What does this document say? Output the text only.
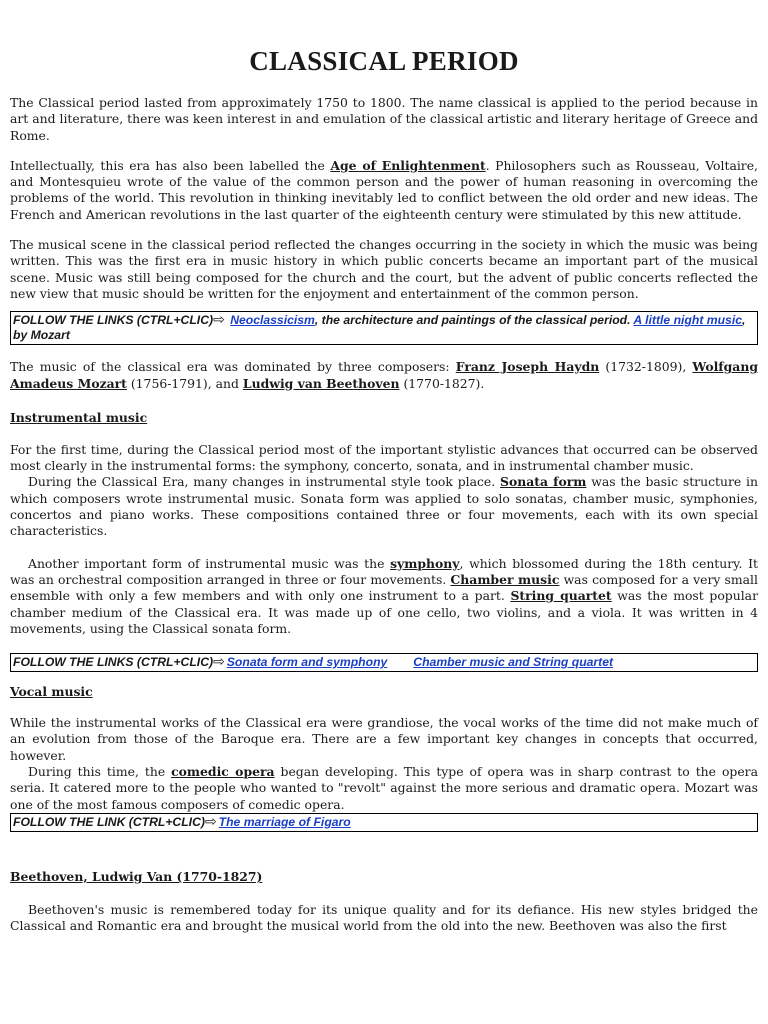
CLASSICAL PERIOD

The Classical period lasted from approximately 1750 to 1800. The name classical is applied to the period because in art and literature, there was keen interest in and emulation of the classical artistic and literary heritage of Greece and Rome.

Intellectually, this era has also been labelled the Age of Enlightenment. Philosophers such as Rousseau, Voltaire, and Montesquieu wrote of the value of the common person and the power of human reasoning in overcoming the problems of the world. This revolution in thinking inevitably led to conflict between the old order and new ideas. The French and American revolutions in the last quarter of the eighteenth century were stimulated by this new attitude.

The musical scene in the classical period reflected the changes occurring in the society in which the music was being written. This was the first era in music history in which public concerts became an important part of the musical scene. Music was still being composed for the church and the court, but the advent of public concerts reflected the new view that music should be written for the enjoyment and entertainment of the common person.

FOLLOW THE LINKS (CTRL+CLIC)⇨ Neoclassicism, the architecture and paintings of the classical period. A little night music, by Mozart

The music of the classical era was dominated by three composers: Franz Joseph Haydn (1732-1809), Wolfgang Amadeus Mozart (1756-1791), and Ludwig van Beethoven (1770-1827).

Instrumental music

For the first time, during the Classical period most of the important stylistic advances that occurred can be observed most clearly in the instrumental forms: the symphony, concerto, sonata, and in instrumental chamber music.

During the Classical Era, many changes in instrumental style took place. Sonata form was the basic structure in which composers wrote instrumental music. Sonata form was applied to solo sonatas, chamber music, symphonies, concertos and piano works. These compositions contained three or four movements, each with its own special characteristics.

Another important form of instrumental music was the symphony, which blossomed during the 18th century. It was an orchestral composition arranged in three or four movements. Chamber music was composed for a very small ensemble with only a few members and with only one instrument to a part. String quartet was the most popular chamber medium of the Classical era. It was made up of one cello, two violins, and a viola. It was written in 4 movements, using the Classical sonata form.

FOLLOW THE LINKS (CTRL+CLIC)⇨ Sonata form and symphony Chamber music and String quartet
Vocal music

While the instrumental works of the Classical era were grandiose, the vocal works of the time did not make much of an evolution from those of the Baroque era. There are a few important key changes in concepts that occurred, however.

During this time, the comedic opera began developing. This type of opera was in sharp contrast to the opera seria. It catered more to the people who wanted to "revolt" against the more serious and dramatic opera. Mozart was one of the most famous composers of comedic opera.

FOLLOW THE LINK (CTRL+CLIC)⇨ The marriage of Figaro
Beethoven, Ludwig Van (1770-1827)

Beethoven's music is remembered today for its unique quality and for its defiance. His new styles bridged the Classical and Romantic era and brought the musical world from the old into the new. Beethoven was also the first
